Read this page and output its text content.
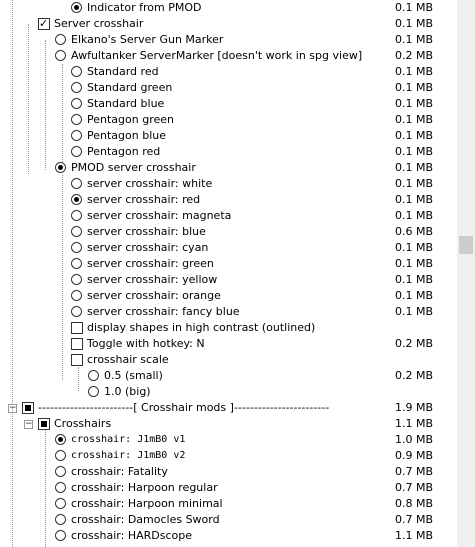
Indicator from PMOD	0.1 MB
✓
Server crosshair	0.1 MB
Elkano's Server Gun Marker	0.1 MB
Awfultanker ServerMarker [doesn't work in spg view]	0.2 MB
Standard red	0.1 MB
Standard green	0.1 MB
Standard blue	0.1 MB
Pentagon green	0.1 MB
Pentagon blue	0.1 MB
Pentagon red	0.1 MB
PMOD server crosshair	0.1 MB
server crosshair: white	0.1 MB
server crosshair: red	0.1 MB
server crosshair: magneta	0.1 MB
server crosshair: blue	0.6 MB
server crosshair: cyan	0.1 MB
server crosshair: green	0.1 MB
server crosshair: yellow	0.1 MB
server crosshair: orange	0.1 MB
server crosshair: fancy blue	0.1 MB
display shapes in high contrast (outlined)
Toggle with hotkey: N	0.2 MB
crosshair scale
0.5 (small)	0.2 MB
1.0 (big)
− ------------------------[ Crosshair mods ]------------------------	1.9 MB
− Crosshairs	1.1 MB
crosshair: J1mB0 v1	1.0 MB
crosshair: J1mB0 v2	0.9 MB
crosshair: Fatality	0.7 MB
crosshair: Harpoon regular	0.7 MB
crosshair: Harpoon minimal	0.8 MB
crosshair: Damocles Sword	0.7 MB
crosshair: HARDscope	1.1 MB
